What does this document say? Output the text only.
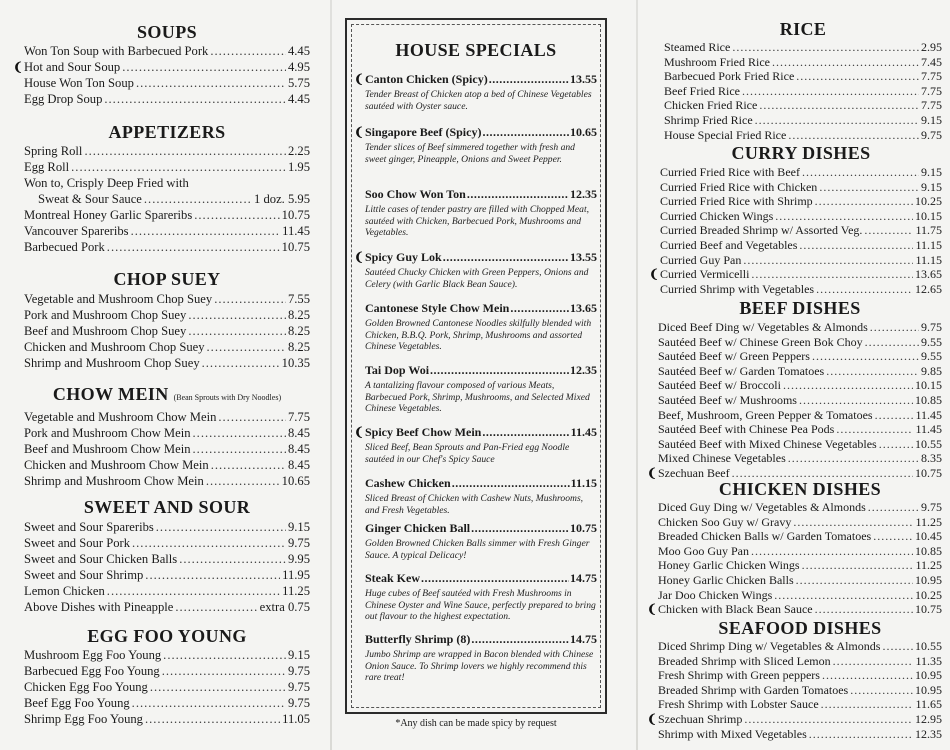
SOUPS
Won Ton Soup with Barbecued Pork .....	4.45
❨ Hot and Sour Soup .....	4.95
House Won Ton Soup .....	5.75
Egg Drop Soup .....	4.45
APPETIZERS
Spring Roll .....	2.25
Egg Roll .....	1.95
Won to, Crisply Deep Fried with
Sweat & Sour Sauce .....	1 doz. 5.95
Montreal Honey Garlic Spareribs .....	10.75
Vancouver Spareribs .....	11.45
Barbecued Pork .....	10.75
CHOP SUEY
Vegetable and Mushroom Chop Suey .....	7.55
Pork and Mushroom Chop Suey .....	8.25
Beef and Mushroom Chop Suey .....	8.25
Chicken and Mushroom Chop Suey .....	8.25
Shrimp and Mushroom Chop Suey .....	10.35
CHOW MEIN (Bean Sprouts with Dry Noodles)
Vegetable and Mushroom Chow Mein .....	7.75
Pork and Mushroom Chow Mein .....	8.45
Beef and Mushroom Chow Mein .....	8.45
Chicken and Mushroom Chow Mein .....	8.45
Shrimp and Mushroom Chow Mein .....	10.65
SWEET AND SOUR
Sweet and Sour Spareribs .....	9.15
Sweet and Sour Pork .....	9.75
Sweet and Sour Chicken Balls .....	9.95
Sweet and Sour Shrimp .....	11.95
Lemon Chicken .....	11.25
Above Dishes with Pineapple .....	extra 0.75
EGG FOO YOUNG
Mushroom Egg Foo Young .....	9.15
Barbecued Egg Foo Young .....	9.75
Chicken Egg Foo Young .....	9.75
Beef Egg Foo Young .....	9.75
Shrimp Egg Foo Young .....	11.05
HOUSE SPECIALS
❨ Canton Chicken (Spicy) .....	13.55
Tender Breast of Chicken atop a bed of Chinese Vegetables sautéed with Oyster sauce.
❨ Singapore Beef (Spicy) .....	10.65
Tender slices of Beef simmered together with fresh and sweet ginger, Pineapple, Onions and Sweet Pepper.
Soo Chow Won Ton .....	12.35
Little cases of tender pastry are filled with Chopped Meat, sautéed with Chicken, Barbecued Pork, Mushrooms and Vegetables.
❨ Spicy Guy Lok .....	13.55
Sautéed Chucky Chicken with Green Peppers, Onions and Celery (with Garlic Black Bean Sauce).
Cantonese Style Chow Mein .....	13.65
Golden Browned Cantonese Noodles skilfully blended with Chicken, B.B.Q. Pork, Shrimp, Mushrooms and assorted Chinese Vegetables.
Tai Dop Woi .....	12.35
A tantalizing flavour composed of various Meats, Barbecued Pork, Shrimp, Mushrooms, and Selected Mixed Chinese Vegetables.
❨ Spicy Beef Chow Mein .....	11.45
Sliced Beef, Bean Sprouts and Pan-Fried egg Noodle sautéed in our Chef's Spicy Sauce
Cashew Chicken .....	11.15
Sliced Breast of Chicken with Cashew Nuts, Mushrooms, and Fresh Vegetables.
Ginger Chicken Ball .....	10.75
Golden Browned Chicken Balls simmer with Fresh Ginger Sauce. A typical Delicacy!
Steak Kew .....	14.75
Huge cubes of Beef sautéed with Fresh Mushrooms in Chinese Oyster and Wine Sauce, perfectly prepared to bring out flavour to the highest expectation.
Butterfly Shrimp (8) .....	14.75
Jumbo Shrimp are wrapped in Bacon blended with Chinese Onion Sauce. To Shrimp lovers we highly recommend this rare treat!
*Any dish can be made spicy by request
RICE
Steamed Rice .....	2.95
Mushroom Fried Rice .....	7.45
Barbecued Pork Fried Rice .....	7.75
Beef Fried Rice .....	7.75
Chicken Fried Rice .....	7.75
Shrimp Fried Rice .....	9.15
House Special Fried Rice .....	9.75
CURRY DISHES
Curried Fried Rice with Beef .....	9.15
Curried Fried Rice with Chicken .....	9.15
Curried Fried Rice with Shrimp .....	10.25
Curried Chicken Wings .....	10.15
Curried Breaded Shrimp w/ Assorted Veg. .....	11.75
Curried Beef and Vegetables .....	11.15
Curried Guy Pan .....	11.15
❨ Curried Vermicelli .....	13.65
Curried Shrimp with Vegetables .....	12.65
BEEF DISHES
Diced Beef Ding w/ Vegetables & Almonds .....	9.75
Sautéed Beef w/ Chinese Green Bok Choy .....	9.55
Sautéed Beef w/ Green Peppers .....	9.55
Sautéed Beef w/ Garden Tomatoes .....	9.85
Sautéed Beef w/ Broccoli .....	10.15
Sautéed Beef w/ Mushrooms .....	10.85
Beef, Mushroom, Green Pepper & Tomatoes .....	11.45
Sautéed Beef with Chinese Pea Pods .....	11.45
Sautéed Beef with Mixed Chinese Vegetables .....	10.55
Mixed Chinese Vegetables .....	8.35
❨ Szechuan Beef .....	10.75
CHICKEN DISHES
Diced Guy Ding w/ Vegetables & Almonds .....	9.75
Chicken Soo Guy w/ Gravy .....	11.25
Breaded Chicken Balls w/ Garden Tomatoes .....	10.45
Moo Goo Guy Pan .....	10.85
Honey Garlic Chicken Wings .....	11.25
Honey Garlic Chicken Balls .....	10.95
Jar Doo Chicken Wings .....	10.25
❨ Chicken with Black Bean Sauce .....	10.75
SEAFOOD DISHES
Diced Shrimp Ding w/ Vegetables & Almonds .....	10.55
Breaded Shrimp with Sliced Lemon .....	11.35
Fresh Shrimp with Green peppers .....	10.95
Breaded Shrimp with Garden Tomatoes .....	10.95
Fresh Shrimp with Lobster Sauce .....	11.65
❨ Szechuan Shrimp .....	12.95
Shrimp with Mixed Vegetables .....	12.35
